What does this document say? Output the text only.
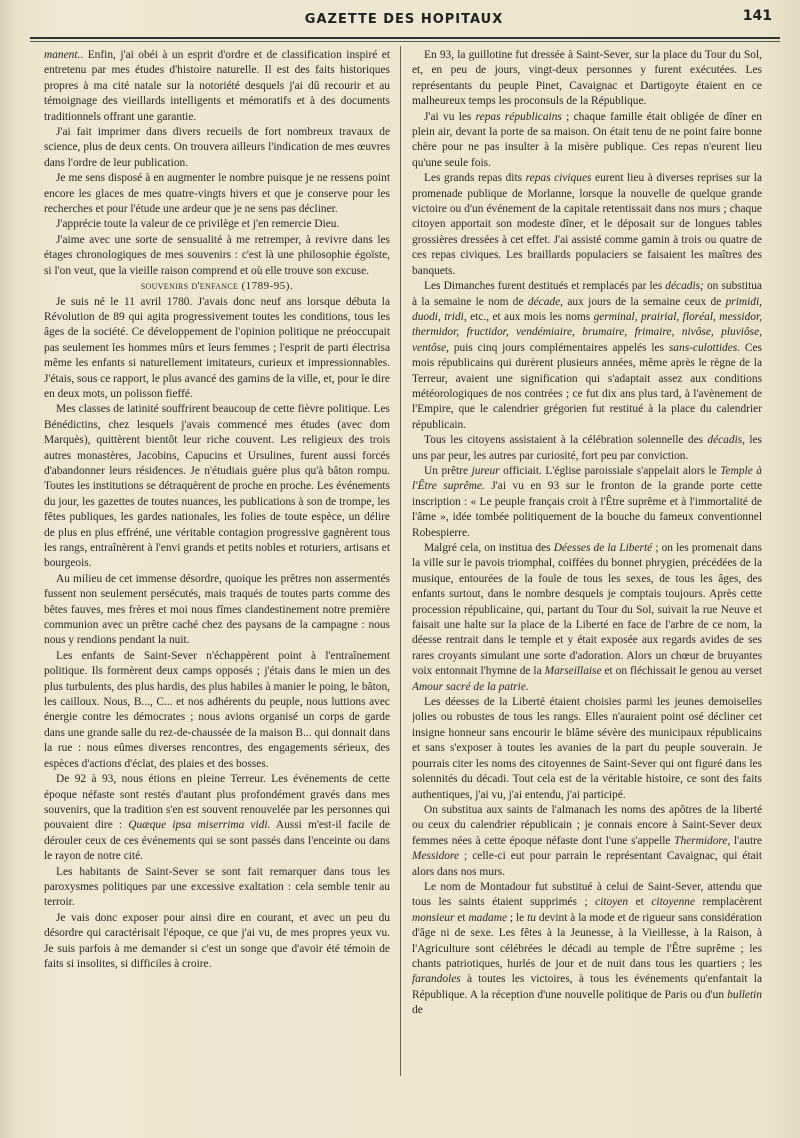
GAZETTE DES HOPITAUX	141

manent.. Enfin, j'ai obéi à un esprit d'ordre et de classification inspiré et entretenu par mes études d'histoire naturelle. Il est des faits historiques propres à ma cité natale sur la notoriété desquels j'ai dû recourir et au témoignage des vieillards intelligents et mémoratifs et à des documents traditionnels offrant une garantie.

J'ai fait imprimer dans divers recueils de fort nombreux travaux de science, plus de deux cents. On trouvera ailleurs l'indication de mes œuvres dans l'ordre de leur publication.

Je me sens disposé à en augmenter le nombre puisque je ne ressens point encore les glaces de mes quatre-vingts hivers et que je conserve pour les recherches et pour l'étude une ardeur que je ne sens pas décliner.

J'apprécie toute la valeur de ce privilège et j'en remercie Dieu.

J'aime avec une sorte de sensualité à me retremper, à revivre dans les étages chronologiques de mes souvenirs : c'est là une philosophie égoïste, si l'on veut, que la vieille raison comprend et où elle trouve son excuse.

souvenirs d'enfance (1789-95).

Je suis né le 11 avril 1780. J'avais donc neuf ans lorsque débuta la Révolution de 89 qui agita progressivement toutes les conditions, tous les âges de la société. Ce développement de l'opinion politique ne préoccupait pas seulement les hommes mûrs et leurs femmes ; l'esprit de parti électrisa même les enfants si naturellement imitateurs, curieux et impressionnables. J'étais, sous ce rapport, le plus avancé des gamins de la ville, et, pour le dire en deux mots, un polisson fieffé.

Mes classes de latinité souffrirent beaucoup de cette fièvre politique. Les Bénédictins, chez lesquels j'avais commencé mes études (avec dom Marquès), quittèrent bientôt leur riche couvent. Les religieux des trois autres monastères, Jacobins, Capucins et Ursulines, furent aussi forcés d'abandonner leurs résidences. Je n'étudiais guère plus qu'à bâton rompu. Toutes les institutions se détraquèrent de proche en proche. Les événements du jour, les gazettes de toutes nuances, les publications à son de trompe, les fêtes publiques, les gardes nationales, les folies de toute espèce, un délire de plus en plus effréné, une véritable contagion progressive gagnèrent tous les rangs, entraînèrent à l'envi grands et petits nobles et roturiers, artisans et bourgeois.

Au milieu de cet immense désordre, quoique les prêtres non assermentés fussent non seulement persécutés, mais traqués de toutes parts comme des bêtes fauves, mes frères et moi nous fîmes clandestinement notre première communion avec un prêtre caché chez des paysans de la campagne : nous nous y rendions pendant la nuit.

Les enfants de Saint-Sever n'échappèrent point à l'entraînement politique. Ils formèrent deux camps opposés ; j'étais dans le mien un des plus turbulents, des plus hardis, des plus habiles à manier le poing, le bâton, les cailloux. Nous, B..., C... et nos adhérents du peuple, nous luttions avec énergie contre les démocrates ; nous avions organisé un corps de garde dans une grande salle du rez-de-chaussée de la maison B... qui donnait dans la rue : nous eûmes diverses rencontres, des engagements sérieux, des espèces d'actions d'éclat, des plaies et des bosses.

De 92 à 93, nous étions en pleine Terreur. Les événements de cette époque néfaste sont restés d'autant plus profondément gravés dans mes souvenirs, que la tradition s'en est souvent renouvelée par les personnes qui pouvaient dire : Quæque ipsa miserrima vidi. Aussi m'est-il facile de dérouler ceux de ces événements qui se sont passés dans l'enceinte ou dans le rayon de notre cité.

Les habitants de Saint-Sever se sont fait remarquer dans tous les paroxysmes politiques par une excessive exaltation : cela semble tenir au terroir.

Je vais donc exposer pour ainsi dire en courant, et avec un peu du désordre qui caractérisait l'époque, ce que j'ai vu, de mes propres yeux vu. Je suis parfois à me demander si c'est un songe que d'avoir été témoin de faits si insolites, si difficiles à croire.

En 93, la guillotine fut dressée à Saint-Sever, sur la place du Tour du Sol, et, en peu de jours, vingt-deux personnes y furent exécutées. Les représentants du peuple Pinet, Cavaignac et Dartigoyte étaient en ce malheureux temps les proconsuls de la République.

J'ai vu les repas républicains ; chaque famille était obligée de dîner en plein air, devant la porte de sa maison. On était tenu de ne point faire bonne chère pour ne pas insulter à la misère publique. Ces repas n'eurent lieu qu'une seule fois.

Les grands repas dits repas civiques eurent lieu à diverses reprises sur la promenade publique de Morlanne, lorsque la nouvelle de quelque grande victoire ou d'un événement de la capitale retentissait dans nos murs ; chaque citoyen apportait son modeste dîner, et le déposait sur de longues tables grossières dressées à cet effet. J'ai assisté comme gamin à trois ou quatre de ces repas civiques. Les braillards populaciers se faisaient les maîtres des banquets.

Les Dimanches furent destitués et remplacés par les décadis; on substitua à la semaine le nom de décade, aux jours de la semaine ceux de primidi, duodi, tridi, etc., et aux mois les noms germinal, prairial, floréal, messidor, thermidor, fructidor, vendémiaire, brumaire, frimaire, nivôse, pluviôse, ventôse, puis cinq jours complémentaires appelés les sans-culottides. Ces mois républicains qui durèrent plusieurs années, même après le règne de la Terreur, avaient une signification qui s'adaptait assez aux conditions météorologiques de nos contrées ; ce fut dix ans plus tard, à l'avènement de l'Empire, que le calendrier grégorien fut restitué à la place du calendrier républicain.

Tous les citoyens assistaient à la célébration solennelle des décadis, les uns par peur, les autres par curiosité, fort peu par conviction.

Un prêtre jureur officiait. L'église paroissiale s'appelait alors le Temple à l'Être suprême. J'ai vu en 93 sur le fronton de la grande porte cette inscription : « Le peuple français croit à l'Être suprême et à l'immortalité de l'âme », idée tombée politiquement de la bouche du fameux conventionnel Robespierre.

Malgré cela, on institua des Déesses de la Liberté ; on les promenait dans la ville sur le pavois triomphal, coiffées du bonnet phrygien, précédées de la musique, entourées de la foule de tous les sexes, de tous les âges, des enfants surtout, dans le nombre desquels je comptais toujours. Après cette procession républicaine, qui, partant du Tour du Sol, suivait la rue Neuve et faisait une halte sur la place de la Liberté en face de l'arbre de ce nom, la déesse rentrait dans le temple et y était exposée aux regards avides de ses rares croyants simulant une sorte d'adoration. Alors un chœur de bruyantes voix entonnait l'hymne de la Marseillaise et on fléchissait le genou au verset Amour sacré de la patrie.

Les déesses de la Liberté étaient choisies parmi les jeunes demoiselles jolies ou robustes de tous les rangs. Elles n'auraient point osé décliner cet insigne honneur sans encourir le blâme sévère des municipaux républicains et sans s'exposer à toutes les avanies de la part du peuple souverain. Je pourrais citer les noms des citoyennes de Saint-Sever qui ont figuré dans les solennités du décadi. Tout cela est de la véritable histoire, ce sont des faits authentiques, j'ai vu, j'ai entendu, j'ai participé.

On substitua aux saints de l'almanach les noms des apôtres de la liberté ou ceux du calendrier républicain ; je connais encore à Saint-Sever deux femmes nées à cette époque néfaste dont l'une s'appelle Thermidore, l'autre Messidore ; celle-ci eut pour parrain le représentant Cavaignac, qui était alors dans nos murs.

Le nom de Montadour fut substitué à celui de Saint-Sever, attendu que tous les saints étaient supprimés ; citoyen et citoyenne remplacèrent monsieur et madame ; le tu devint à la mode et de rigueur sans considération d'âge ni de sexe. Les fêtes à la Jeunesse, à la Vieillesse, à la Raison, à l'Agriculture sont célébrées le décadi au temple de l'Être suprême ; les chants patriotiques, hurlés de jour et de nuit dans tous les quartiers ; les farandoles à toutes les victoires, à tous les événements qu'enfantait la République. A la réception d'une nouvelle politique de Paris ou d'un bulletin de
